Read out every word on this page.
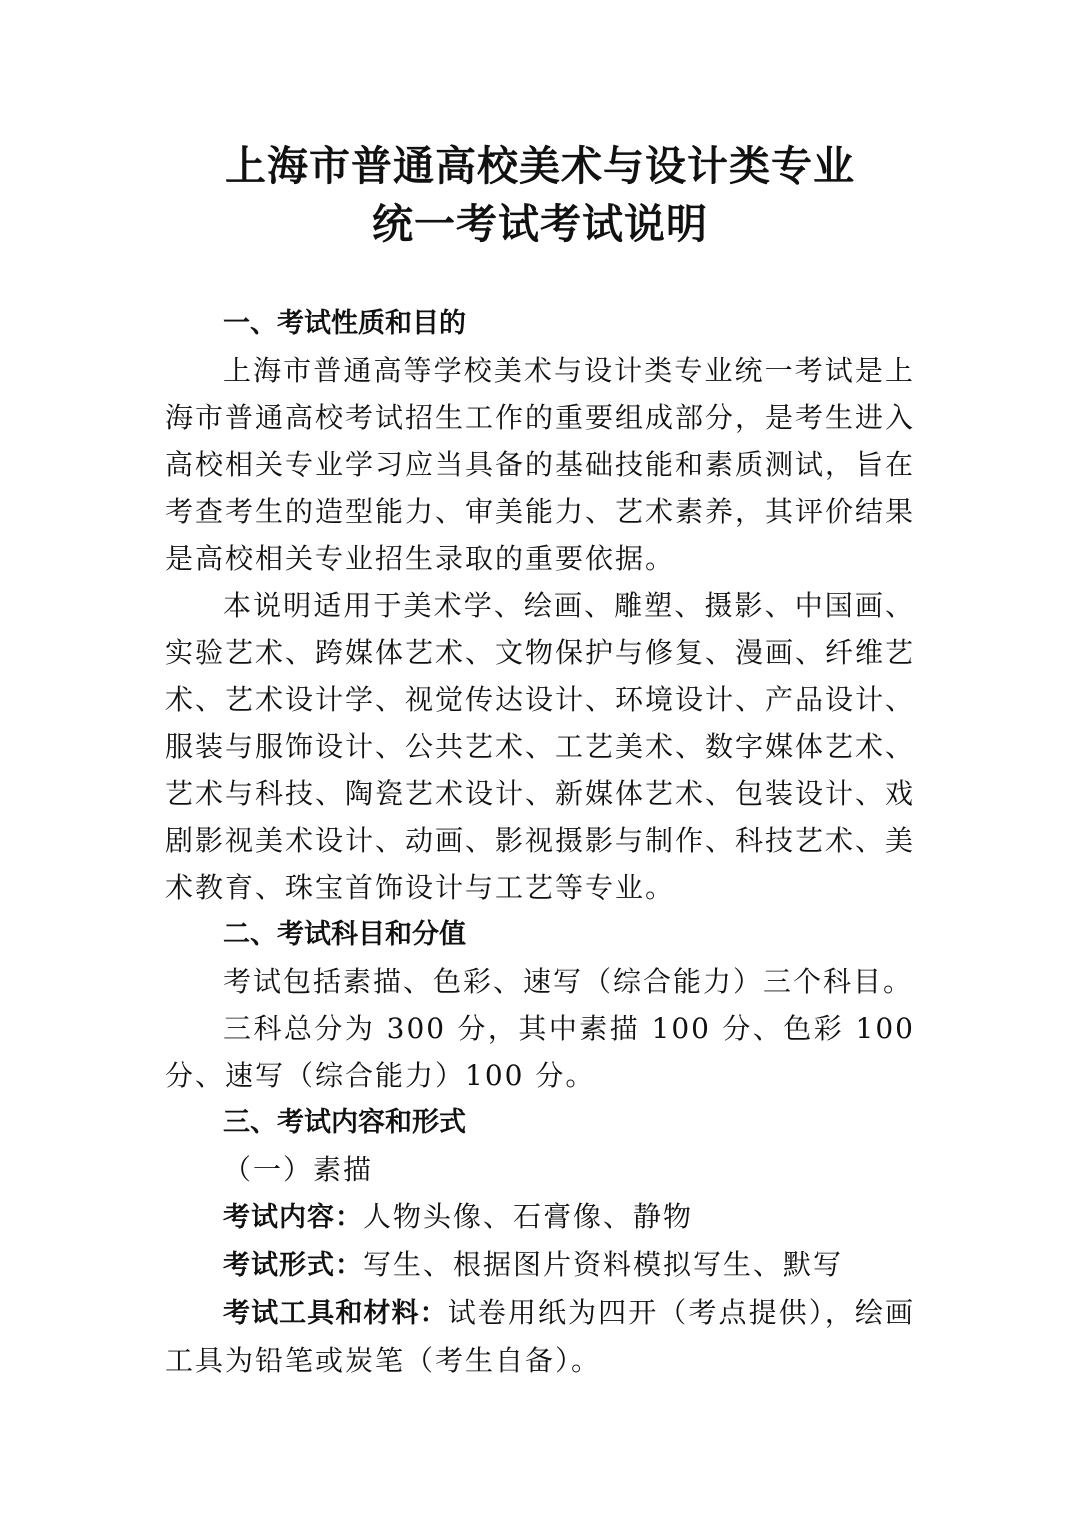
上海市普通高校美术与设计类专业
统一考试考试说明
一、考试性质和目的

上海市普通高等学校美术与设计类专业统一考试是上海市普通高校考试招生工作的重要组成部分，是考生进入高校相关专业学习应当具备的基础技能和素质测试，旨在考查考生的造型能力、审美能力、艺术素养，其评价结果是高校相关专业招生录取的重要依据。

本说明适用于美术学、绘画、雕塑、摄影、中国画、实验艺术、跨媒体艺术、文物保护与修复、漫画、纤维艺术、艺术设计学、视觉传达设计、环境设计、产品设计、服装与服饰设计、公共艺术、工艺美术、数字媒体艺术、艺术与科技、陶瓷艺术设计、新媒体艺术、包装设计、戏剧影视美术设计、动画、影视摄影与制作、科技艺术、美术教育、珠宝首饰设计与工艺等专业。

二、考试科目和分值

考试包括素描、色彩、速写（综合能力）三个科目。

三科总分为 300 分，其中素描 100 分、色彩 100 分、速写（综合能力）100 分。

三、考试内容和形式
（一）素描

考试内容：人物头像、石膏像、静物

考试形式：写生、根据图片资料模拟写生、默写

考试工具和材料：试卷用纸为四开（考点提供），绘画工具为铅笔或炭笔（考生自备）。
